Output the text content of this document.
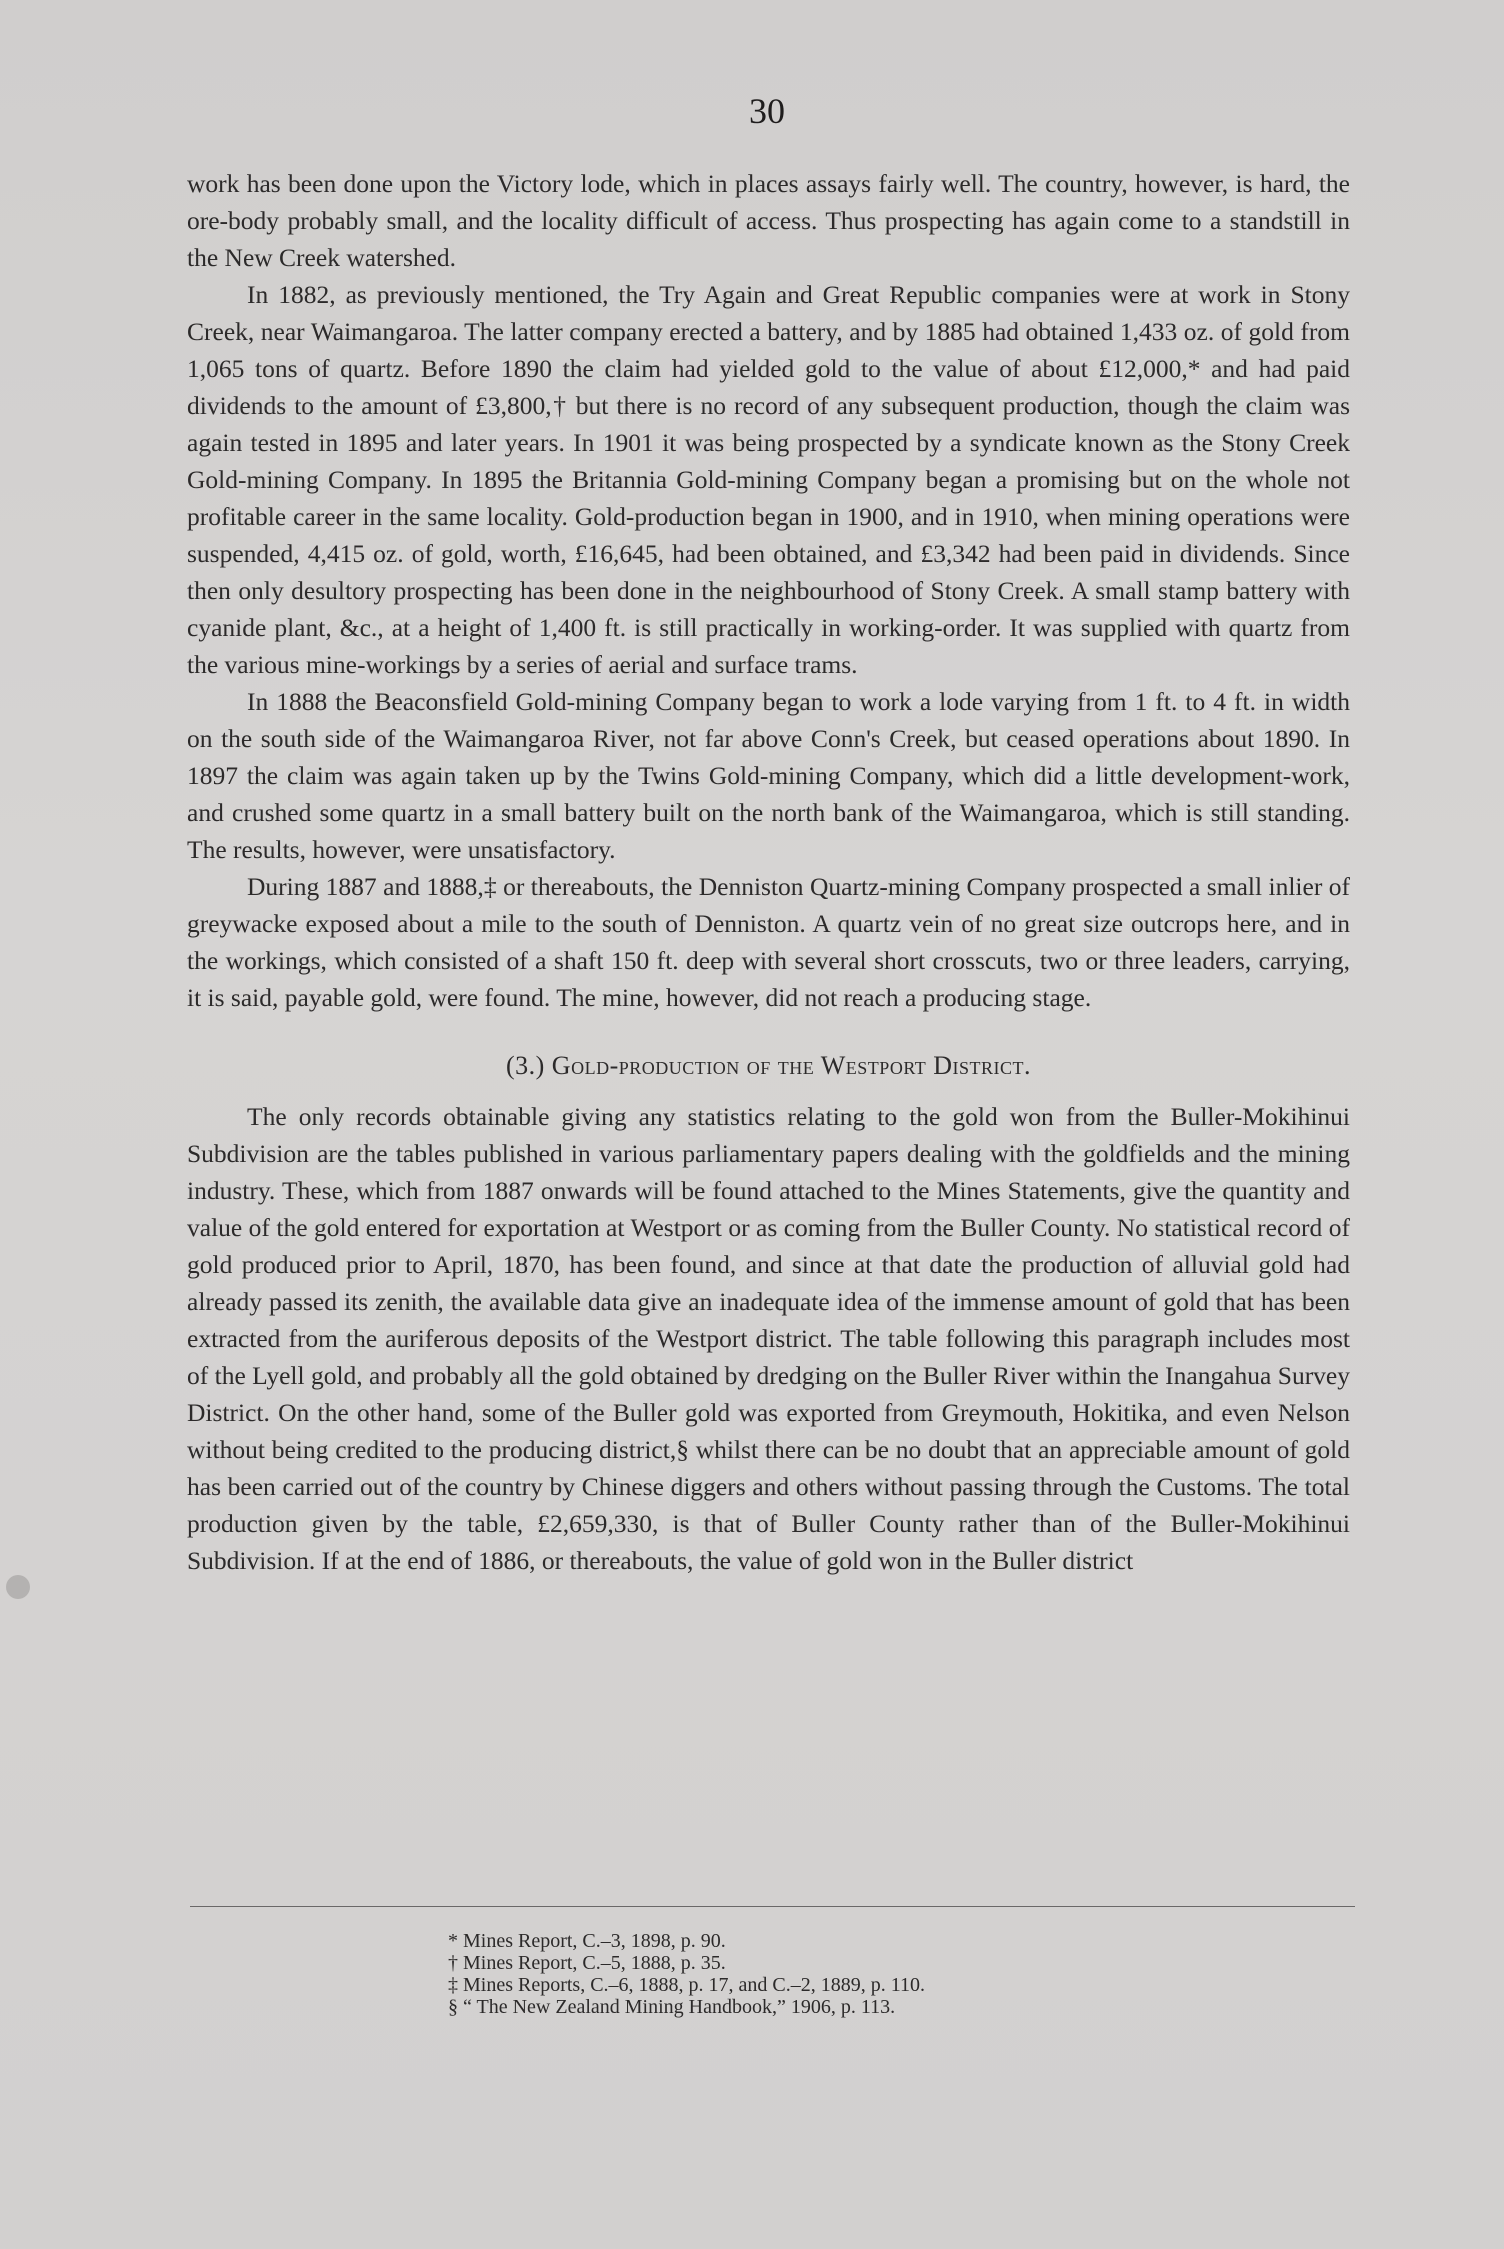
30

work has been done upon the Victory lode, which in places assays fairly well. The country, however, is hard, the ore-body probably small, and the locality difficult of access. Thus prospecting has again come to a standstill in the New Creek watershed.

In 1882, as previously mentioned, the Try Again and Great Republic companies were at work in Stony Creek, near Waimangaroa. The latter company erected a battery, and by 1885 had obtained 1,433 oz. of gold from 1,065 tons of quartz. Before 1890 the claim had yielded gold to the value of about £12,000,* and had paid dividends to the amount of £3,800,† but there is no record of any subsequent production, though the claim was again tested in 1895 and later years. In 1901 it was being prospected by a syndicate known as the Stony Creek Gold-mining Company. In 1895 the Britannia Gold-mining Company began a promising but on the whole not profitable career in the same locality. Gold-production began in 1900, and in 1910, when mining operations were suspended, 4,415 oz. of gold, worth, £16,645, had been obtained, and £3,342 had been paid in dividends. Since then only desultory prospecting has been done in the neighbourhood of Stony Creek. A small stamp battery with cyanide plant, &c., at a height of 1,400 ft. is still practically in working-order. It was supplied with quartz from the various mine-workings by a series of aerial and surface trams.

In 1888 the Beaconsfield Gold-mining Company began to work a lode varying from 1 ft. to 4 ft. in width on the south side of the Waimangaroa River, not far above Conn's Creek, but ceased operations about 1890. In 1897 the claim was again taken up by the Twins Gold-mining Company, which did a little development-work, and crushed some quartz in a small battery built on the north bank of the Waimangaroa, which is still standing. The results, however, were unsatisfactory.

During 1887 and 1888,‡ or thereabouts, the Denniston Quartz-mining Company prospected a small inlier of greywacke exposed about a mile to the south of Denniston. A quartz vein of no great size outcrops here, and in the workings, which consisted of a shaft 150 ft. deep with several short crosscuts, two or three leaders, carrying, it is said, payable gold, were found. The mine, however, did not reach a producing stage.

(3.) Gold-production of the Westport District.

The only records obtainable giving any statistics relating to the gold won from the Buller-Mokihinui Subdivision are the tables published in various parliamentary papers dealing with the goldfields and the mining industry. These, which from 1887 onwards will be found attached to the Mines Statements, give the quantity and value of the gold entered for exportation at Westport or as coming from the Buller County. No statistical record of gold produced prior to April, 1870, has been found, and since at that date the production of alluvial gold had already passed its zenith, the available data give an inadequate idea of the immense amount of gold that has been extracted from the auriferous deposits of the Westport district. The table following this paragraph includes most of the Lyell gold, and probably all the gold obtained by dredging on the Buller River within the Inangahua Survey District. On the other hand, some of the Buller gold was exported from Greymouth, Hokitika, and even Nelson without being credited to the producing district,§ whilst there can be no doubt that an appreciable amount of gold has been carried out of the country by Chinese diggers and others without passing through the Customs. The total production given by the table, £2,659,330, is that of Buller County rather than of the Buller-Mokihinui Subdivision. If at the end of 1886, or thereabouts, the value of gold won in the Buller district

* Mines Report, C.–3, 1898, p. 90.

† Mines Report, C.–5, 1888, p. 35.

‡ Mines Reports, C.–6, 1888, p. 17, and C.–2, 1889, p. 110.

§ “ The New Zealand Mining Handbook,” 1906, p. 113.
